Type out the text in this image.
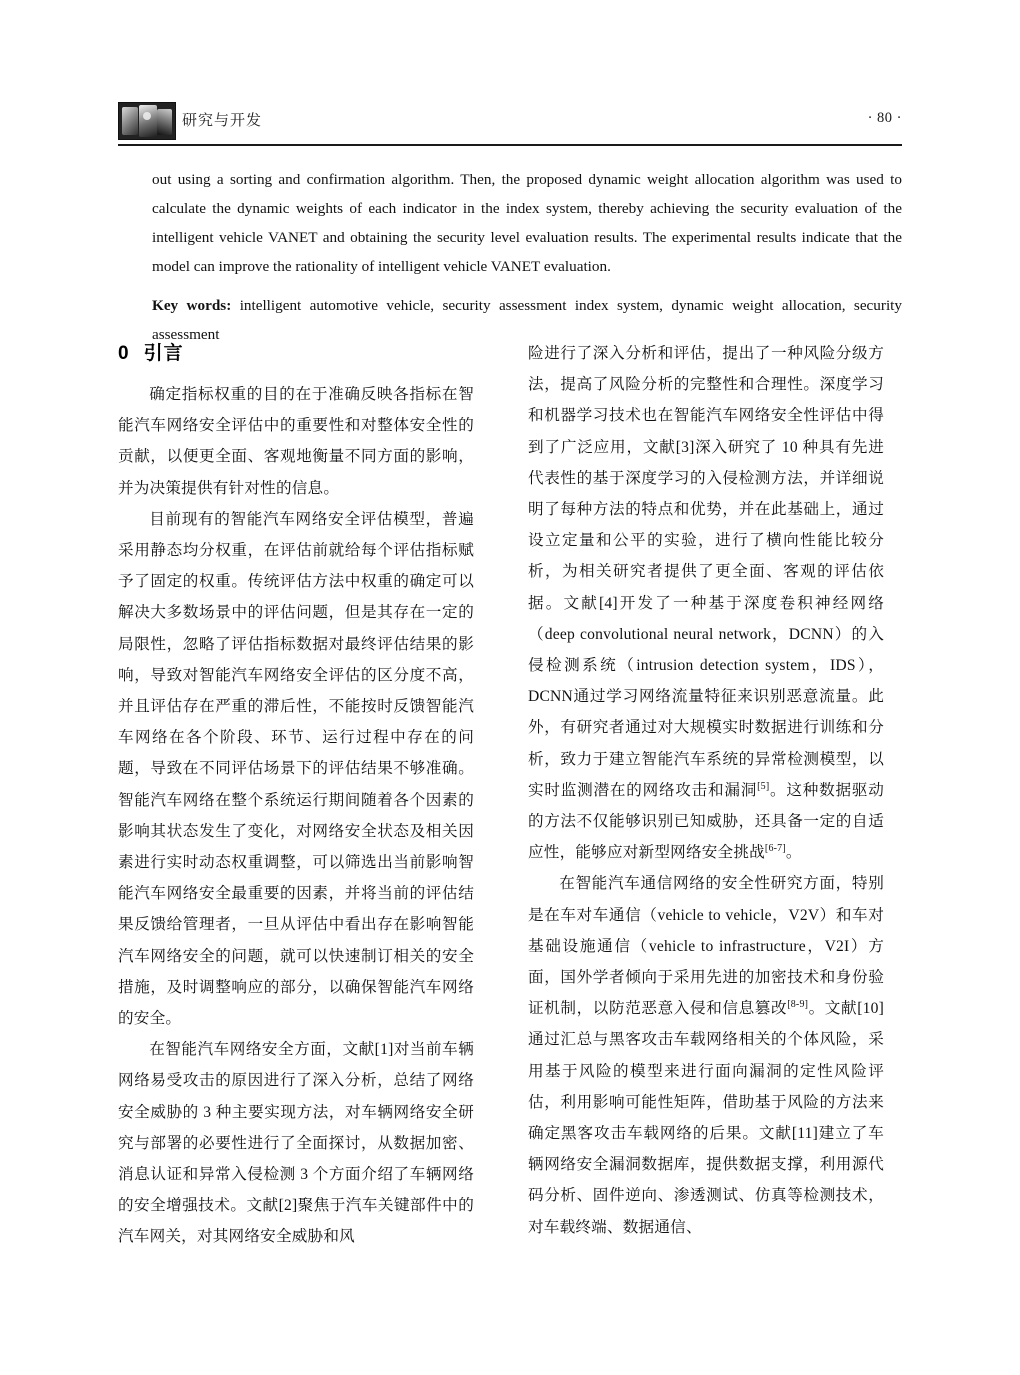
研究与开发	· 80 ·

out using a sorting and confirmation algorithm. Then, the proposed dynamic weight allocation algorithm was used to calculate the dynamic weights of each indicator in the index system, thereby achieving the security evaluation of the intelligent vehicle VANET and obtaining the security level evaluation results. The experimental results indicate that the model can improve the rationality of intelligent vehicle VANET evaluation.

Key words: intelligent automotive vehicle, security assessment index system, dynamic weight allocation, security assessment

0 引言

确定指标权重的目的在于准确反映各指标在智能汽车网络安全评估中的重要性和对整体安全性的贡献，以便更全面、客观地衡量不同方面的影响，并为决策提供有针对性的信息。

目前现有的智能汽车网络安全评估模型，普遍采用静态均分权重，在评估前就给每个评估指标赋予了固定的权重。传统评估方法中权重的确定可以解决大多数场景中的评估问题，但是其存在一定的局限性，忽略了评估指标数据对最终评估结果的影响，导致对智能汽车网络安全评估的区分度不高，并且评估存在严重的滞后性，不能按时反馈智能汽车网络在各个阶段、环节、运行过程中存在的问题，导致在不同评估场景下的评估结果不够准确。智能汽车网络在整个系统运行期间随着各个因素的影响其状态发生了变化，对网络安全状态及相关因素进行实时动态权重调整，可以筛选出当前影响智能汽车网络安全最重要的因素，并将当前的评估结果反馈给管理者，一旦从评估中看出存在影响智能汽车网络安全的问题，就可以快速制订相关的安全措施，及时调整响应的部分，以确保智能汽车网络的安全。

在智能汽车网络安全方面，文献[1]对当前车辆网络易受攻击的原因进行了深入分析，总结了网络安全威胁的 3 种主要实现方法，对车辆网络安全研究与部署的必要性进行了全面探讨，从数据加密、消息认证和异常入侵检测 3 个方面介绍了车辆网络的安全增强技术。文献[2]聚焦于汽车关键部件中的汽车网关，对其网络安全威胁和风

险进行了深入分析和评估，提出了一种风险分级方法，提高了风险分析的完整性和合理性。深度学习和机器学习技术也在智能汽车网络安全性评估中得到了广泛应用，文献[3]深入研究了 10 种具有先进代表性的基于深度学习的入侵检测方法，并详细说明了每种方法的特点和优势，并在此基础上，通过设立定量和公平的实验，进行了横向性能比较分析，为相关研究者提供了更全面、客观的评估依据。文献[4]开发了一种基于深度卷积神经网络（deep convolutional neural network，DCNN）的入侵检测系统（intrusion detection system，IDS），DCNN通过学习网络流量特征来识别恶意流量。此外，有研究者通过对大规模实时数据进行训练和分析，致力于建立智能汽车系统的异常检测模型，以实时监测潜在的网络攻击和漏洞[5]。这种数据驱动的方法不仅能够识别已知威胁，还具备一定的自适应性，能够应对新型网络安全挑战[6-7]。

在智能汽车通信网络的安全性研究方面，特别是在车对车通信（vehicle to vehicle，V2V）和车对基础设施通信（vehicle to infrastructure，V2I）方面，国外学者倾向于采用先进的加密技术和身份验证机制，以防范恶意入侵和信息篡改[8-9]。文献[10]通过汇总与黑客攻击车载网络相关的个体风险，采用基于风险的模型来进行面向漏洞的定性风险评估，利用影响可能性矩阵，借助基于风险的方法来确定黑客攻击车载网络的后果。文献[11]建立了车辆网络安全漏洞数据库，提供数据支撑，利用源代码分析、固件逆向、渗透测试、仿真等检测技术，对车载终端、数据通信、
